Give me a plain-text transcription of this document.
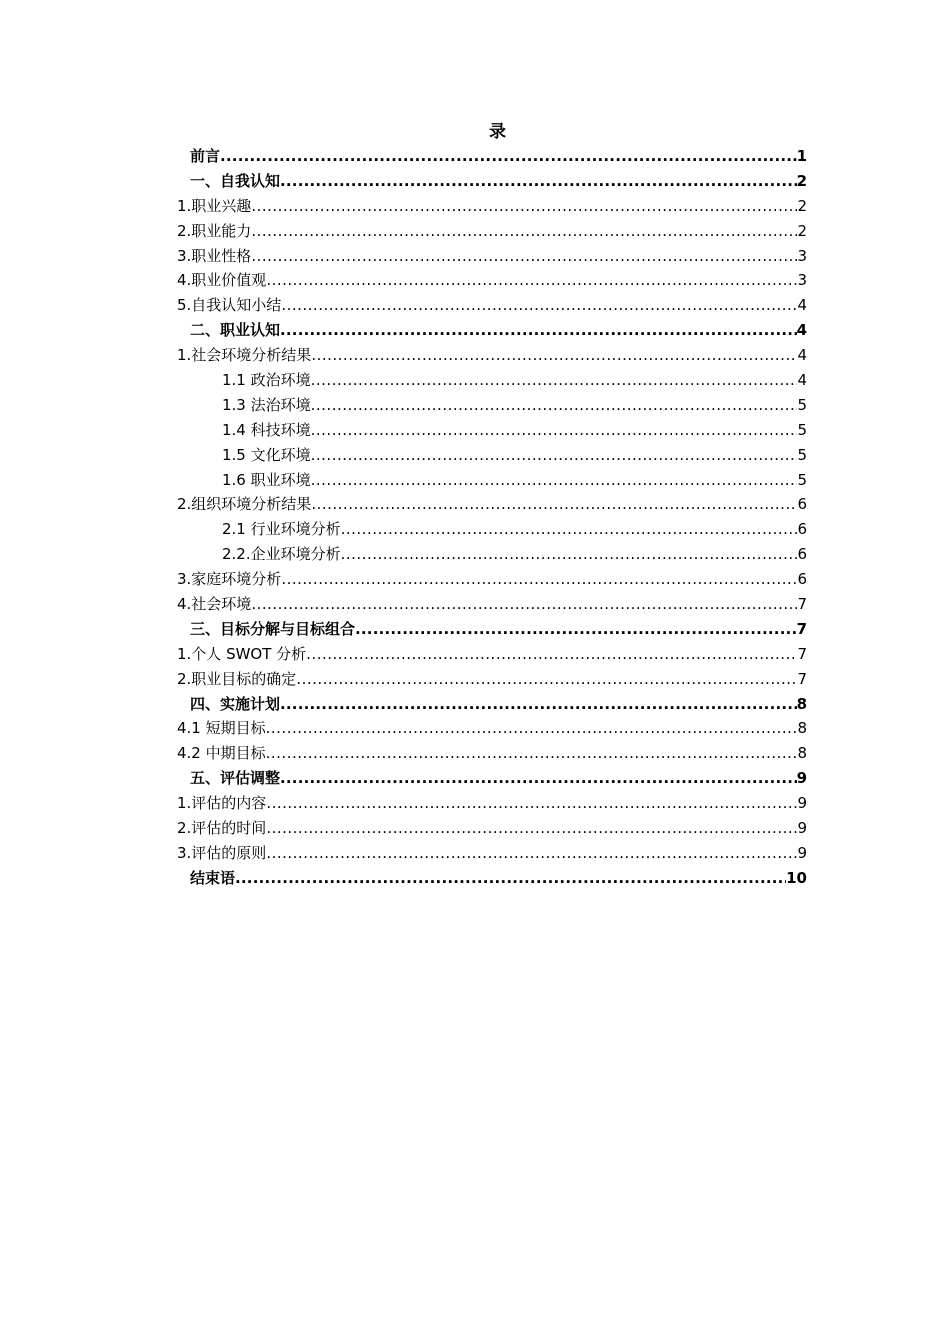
录
前言 .....	1
一、自我认知 .....	2
1.职业兴趣 .....	2
2.职业能力 .....	2
3.职业性格 .....	3
4.职业价值观 .....	3
5.自我认知小结 .....	4
二、职业认知 .....	4
1.社会环境分析结果 .....	4
1.1 政治环境 .....	4
1.3 法治环境 .....	5
1.4 科技环境 .....	5
1.5 文化环境 .....	5
1.6 职业环境 .....	5
2.组织环境分析结果 .....	6
2.1 行业环境分析 .....	6
2.2.企业环境分析 .....	6
3.家庭环境分析 .....	6
4.社会环境 .....	7
三、目标分解与目标组合 .....	7
1.个人 SWOT 分析 .....	7
2.职业目标的确定 .....	7
四、实施计划 .....	8
4.1 短期目标 .....	8
4.2 中期目标 .....	8
五、评估调整 .....	9
1.评估的内容 .....	9
2.评估的时间 .....	9
3.评估的原则 .....	9
结束语 .....	10
